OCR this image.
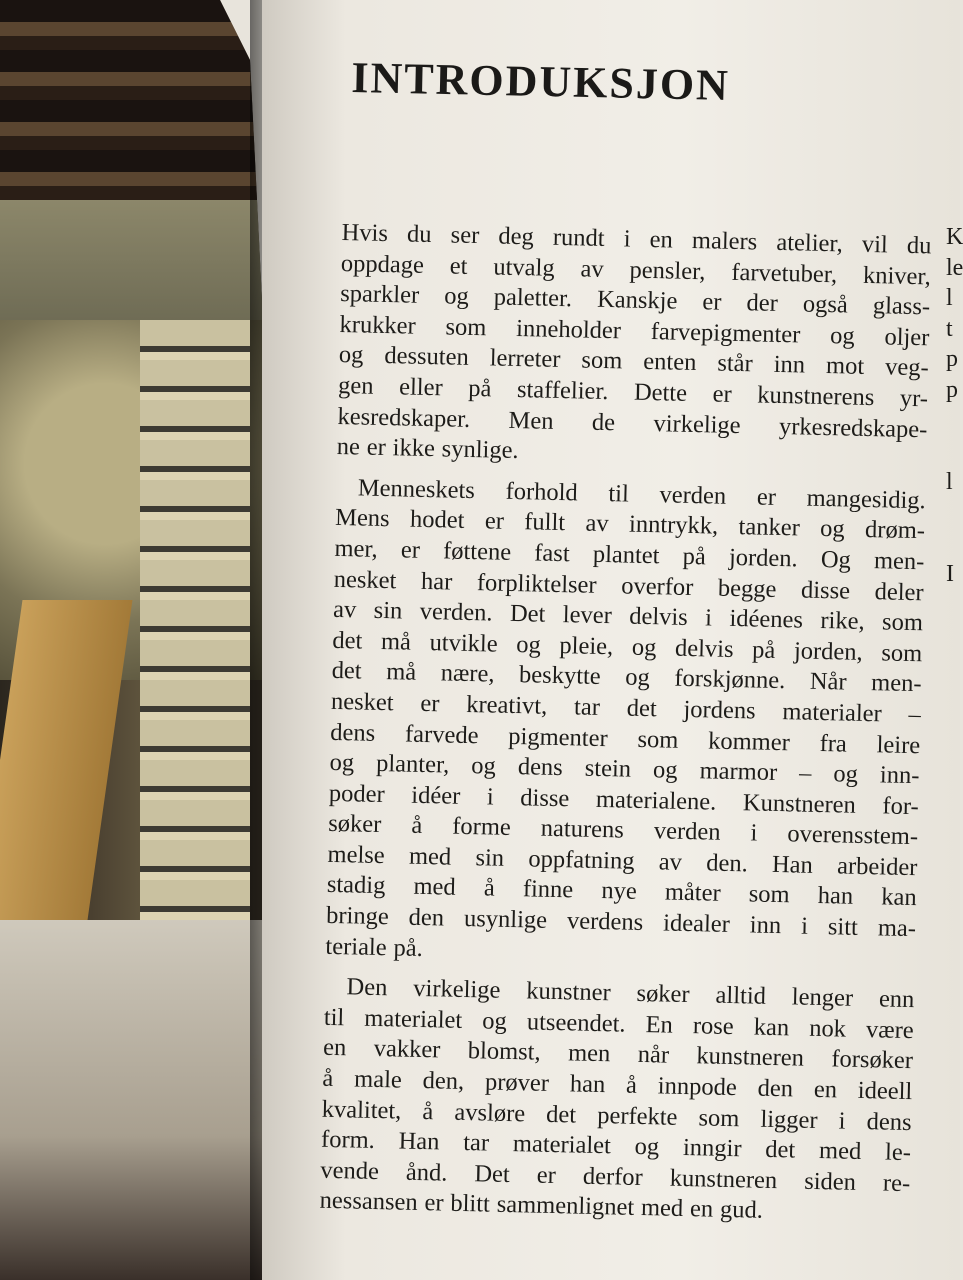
INTRODUKSJON
Hvis du ser deg rundt i en malers atelier, vil du
oppdage et utvalg av pensler, farvetuber, kniver,
sparkler og paletter. Kanskje er der også glass-
krukker som inneholder farvepigmenter og oljer
og dessuten lerreter som enten står inn mot veg-
gen eller på staffelier. Dette er kunstnerens yr-
kesredskaper. Men de virkelige yrkesredskape-
ne er ikke synlige.
Menneskets forhold til verden er mangesidig.
Mens hodet er fullt av inntrykk, tanker og drøm-
mer, er føttene fast plantet på jorden. Og men-
nesket har forpliktelser overfor begge disse deler
av sin verden. Det lever delvis i idéenes rike, som
det må utvikle og pleie, og delvis på jorden, som
det må nære, beskytte og forskjønne. Når men-
nesket er kreativt, tar det jordens materialer –
dens farvede pigmenter som kommer fra leire
og planter, og dens stein og marmor – og inn-
poder idéer i disse materialene. Kunstneren for-
søker å forme naturens verden i overensstem-
melse med sin oppfatning av den. Han arbeider
stadig med å finne nye måter som han kan
bringe den usynlige verdens idealer inn i sitt ma-
teriale på.
Den virkelige kunstner søker alltid lenger enn
til materialet og utseendet. En rose kan nok være
en vakker blomst, men når kunstneren forsøker
å male den, prøver han å innpode den en ideell
kvalitet, å avsløre det perfekte som ligger i dens
form. Han tar materialet og inngir det med le-
vende ånd. Det er derfor kunstneren siden re-
nessansen er blitt sammenlignet med en gud.
K
le
l
t
p
p
l
I
